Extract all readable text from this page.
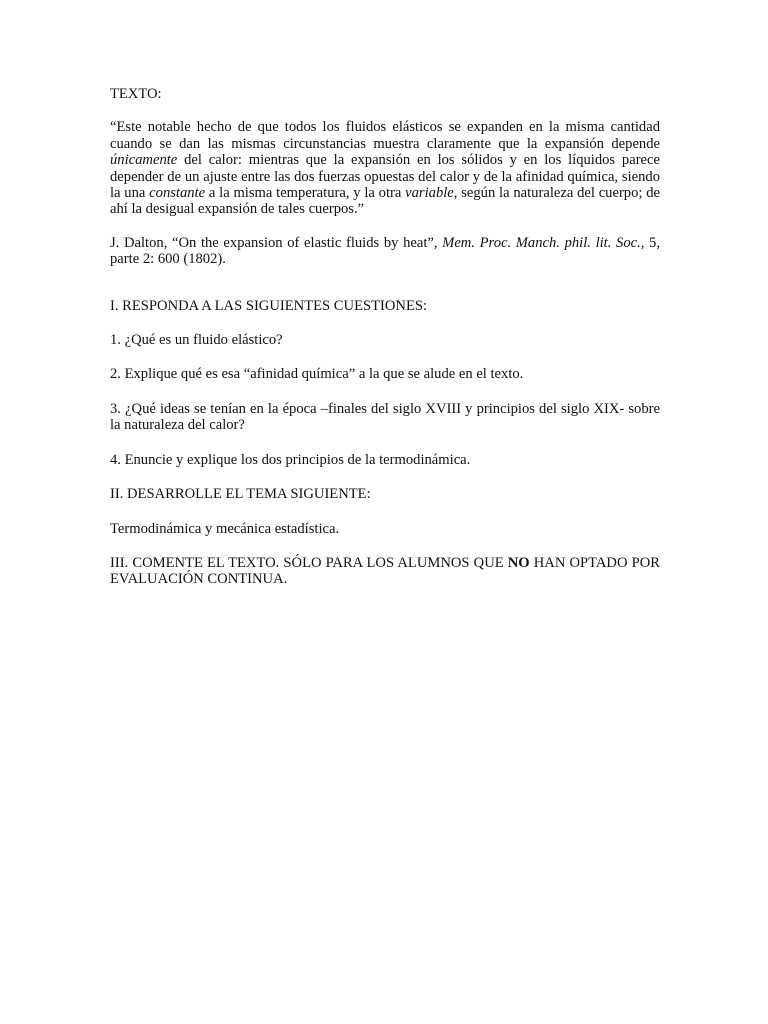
TEXTO:

“Este notable hecho de que todos los fluidos elásticos se expanden en la misma cantidad cuando se dan las mismas circunstancias muestra claramente que la expansión depende únicamente del calor: mientras que la expansión en los sólidos y en los líquidos parece depender de un ajuste entre las dos fuerzas opuestas del calor y de la afinidad química, siendo la una constante a la misma temperatura, y la otra variable, según la naturaleza del cuerpo; de ahí la desigual expansión de tales cuerpos.”

J. Dalton, “On the expansion of elastic fluids by heat”, Mem. Proc. Manch. phil. lit. Soc., 5, parte 2: 600 (1802).

I. RESPONDA A LAS SIGUIENTES CUESTIONES:

1. ¿Qué es un fluido elástico?

2. Explique qué es esa “afinidad química” a la que se alude en el texto.

3. ¿Qué ideas se tenían en la época –finales del siglo XVIII y principios del siglo XIX- sobre la naturaleza del calor?

4. Enuncie y explique los dos principios de la termodinámica.

II. DESARROLLE EL TEMA SIGUIENTE:

Termodinámica y mecánica estadística.

III. COMENTE EL TEXTO. SÓLO PARA LOS ALUMNOS QUE NO HAN OPTADO POR EVALUACIÓN CONTINUA.
